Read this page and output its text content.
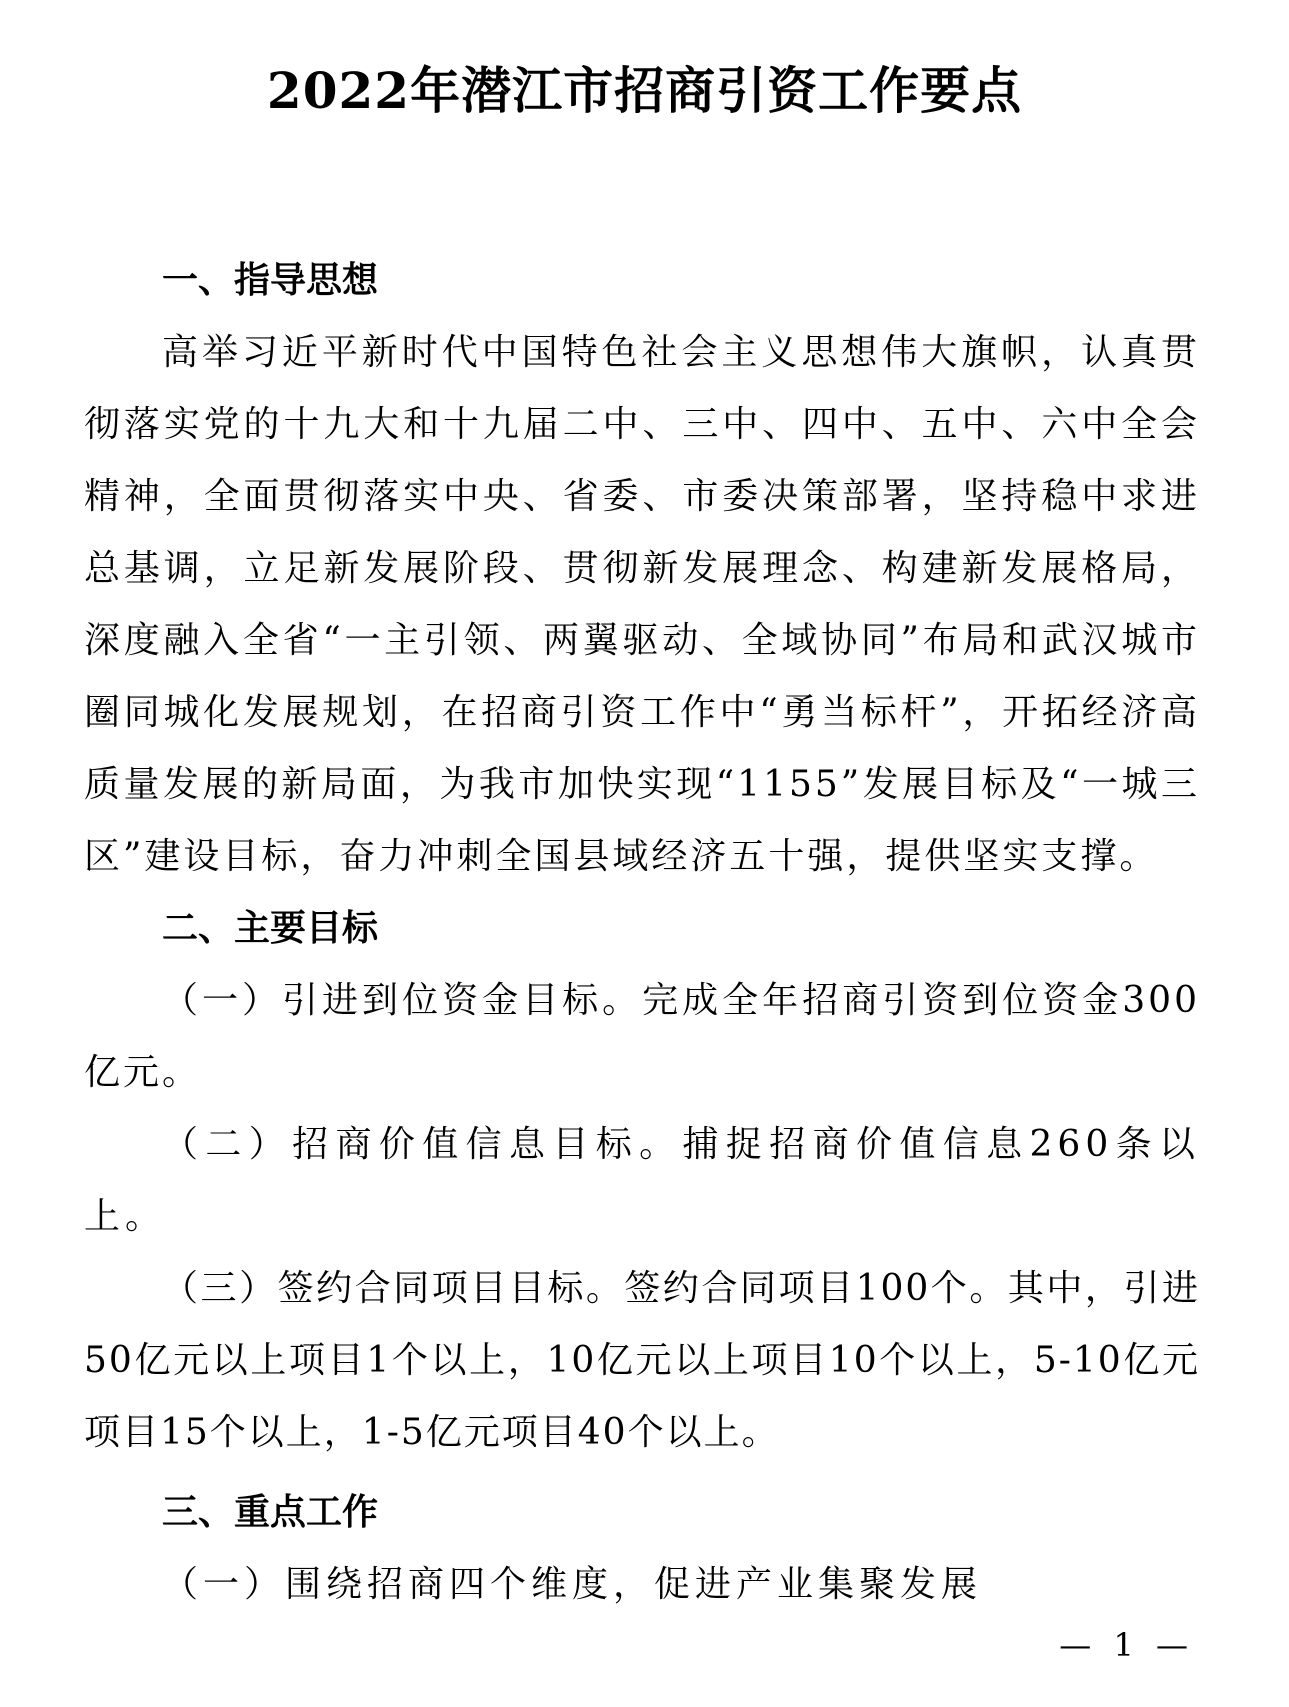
2022年潜江市招商引资工作要点

一、指导思想

高举习近平新时代中国特色社会主义思想伟大旗帜，认真贯彻落实党的十九大和十九届二中、三中、四中、五中、六中全会精神，全面贯彻落实中央、省委、市委决策部署，坚持稳中求进总基调，立足新发展阶段、贯彻新发展理念、构建新发展格局，深度融入全省“一主引领、两翼驱动、全域协同”布局和武汉城市圈同城化发展规划，在招商引资工作中“勇当标杆”，开拓经济高质量发展的新局面，为我市加快实现“1155”发展目标及“一城三区”建设目标，奋力冲刺全国县域经济五十强，提供坚实支撑。

二、主要目标

（一）引进到位资金目标。完成全年招商引资到位资金300亿元。

（二）招商价值信息目标。捕捉招商价值信息260条以上。

（三）签约合同项目目标。签约合同项目100个。其中，引进50亿元以上项目1个以上，10亿元以上项目10个以上，5-10亿元项目15个以上，1-5亿元项目40个以上。

三、重点工作

（一）围绕招商四个维度，促进产业集聚发展

— 1 —
